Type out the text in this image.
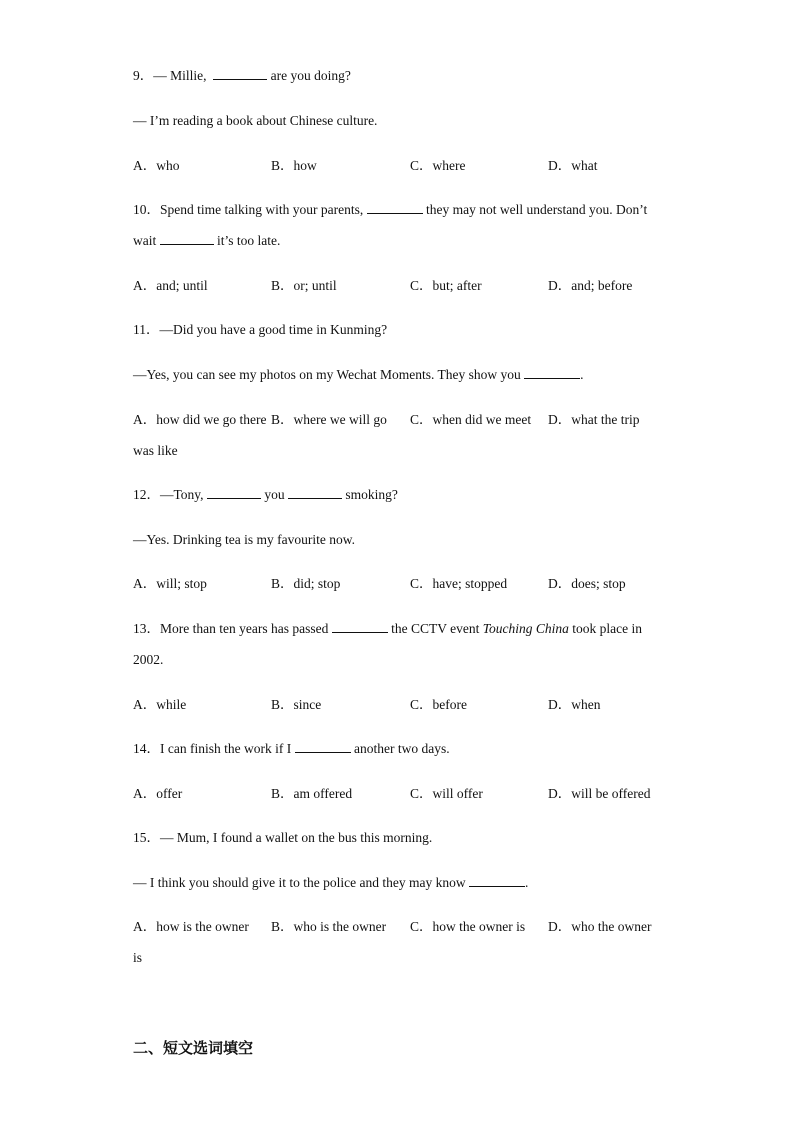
9．— Millie,	are you doing?
— I’m reading a book about Chinese culture.
A．who	B．how	C．where	D．what
10．Spend time talking with your parents,	they may not well understand you. Don’t
wait	it’s too late.
A．and; until	B．or; until	C．but; after	D．and; before
11．—Did you have a good time in Kunming?
—Yes, you can see my photos on my Wechat Moments. They show you	.
A．how did we go there B．where we will go C．when did we meet D．what the trip
was like
12．—Tony,	you	smoking?
—Yes. Drinking tea is my favourite now.
A．will; stop	B．did; stop	C．have; stopped	D．does; stop
13．More than ten years has passed	the CCTV event Touching China took place in
2002.
A．while	B．since	C．before	D．when
14．I can finish the work if I	another two days.
A．offer	B．am offered	C．will offer	D．will be offered
15．— Mum, I found a wallet on the bus this morning.
— I think you should give it to the police and they may know	.
A．how is the owner B．who is the owner C．how the owner is D．who the owner
is
二、短文选词填空
